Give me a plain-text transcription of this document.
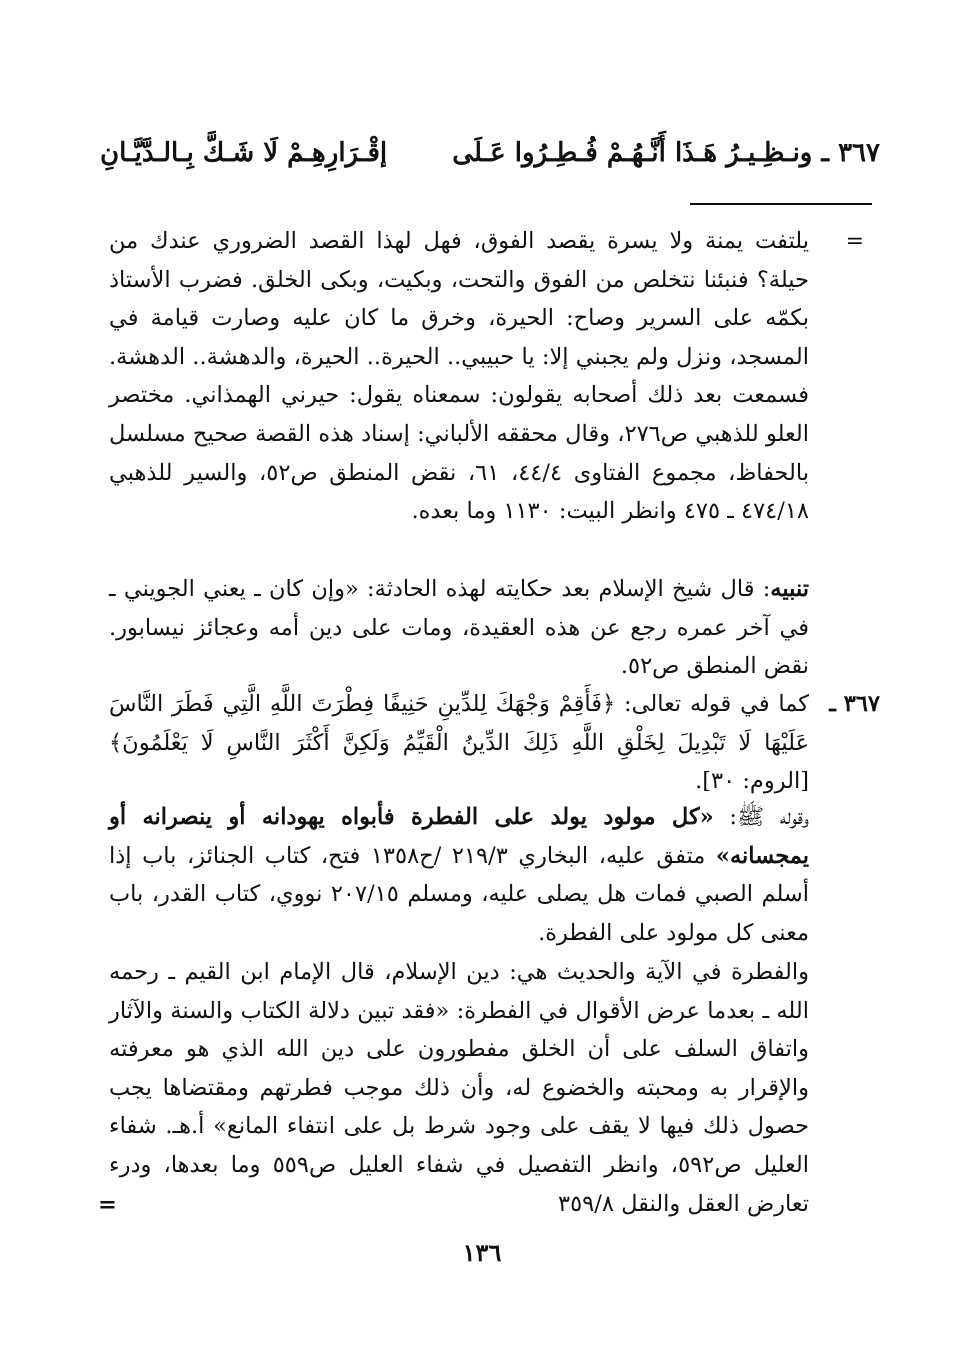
٣٦٧ ـ ونـظِـيـرُ هَـذَا أَنَّـهُـمْ فُـطِـرُوا عَـلَى
إقْـرَارِهِـمْ لَا شَـكَّ بِـالـدَّيَّـانِ
=

يلتفت يمنة ولا يسرة يقصد الفوق، فهل لهذا القصد الضروري عندك من حيلة؟ فنبئنا نتخلص من الفوق والتحت، وبكيت، وبكى الخلق. فضرب الأستاذ بكمّه على السرير وصاح: الحيرة، وخرق ما كان عليه وصارت قيامة في المسجد، ونزل ولم يجبني إلا: يا حبيبي.. الحيرة.. الحيرة، والدهشة.. الدهشة. فسمعت بعد ذلك أصحابه يقولون: سمعناه يقول: حيرني الهمذاني. مختصر العلو للذهبي ص٢٧٦، وقال محققه الألباني: إسناد هذه القصة صحيح مسلسل بالحفاظ، مجموع الفتاوى ٤٤/٤، ٦١، نقض المنطق ص٥٢، والسير للذهبي ٤٧٤/١٨ ـ ٤٧٥ وانظر البيت: ١١٣٠ وما بعده.

تنبيه: قال شيخ الإسلام بعد حكايته لهذه الحادثة: «وإن كان ـ يعني الجويني ـ في آخر عمره رجع عن هذه العقيدة، ومات على دين أمه وعجائز نيسابور. نقض المنطق ص٥٢.

٣٦٧ ـ

كما في قوله تعالى: ﴿فَأَقِمْ وَجْهَكَ لِلدِّينِ حَنِيفًا فِطْرَتَ اللَّهِ الَّتِي فَطَرَ النَّاسَ عَلَيْهَا لَا تَبْدِيلَ لِخَلْقِ اللَّهِ ذَلِكَ الدِّينُ الْقَيِّمُ وَلَكِنَّ أَكْثَرَ النَّاسِ لَا يَعْلَمُونَ﴾ [الروم: ٣٠].

وقوله ﷺ: «كل مولود يولد على الفطرة فأبواه يهودانه أو ينصرانه أو يمجسانه» متفق عليه، البخاري ٢١٩/٣ /ح١٣٥٨ فتح، كتاب الجنائز، باب إذا أسلم الصبي فمات هل يصلى عليه، ومسلم ٢٠٧/١٥ نووي، كتاب القدر، باب معنى كل مولود على الفطرة.

والفطرة في الآية والحديث هي: دين الإسلام، قال الإمام ابن القيم ـ رحمه الله ـ بعدما عرض الأقوال في الفطرة: «فقد تبين دلالة الكتاب والسنة والآثار واتفاق السلف على أن الخلق مفطورون على دين الله الذي هو معرفته والإقرار به ومحبته والخضوع له، وأن ذلك موجب فطرتهم ومقتضاها يجب حصول ذلك فيها لا يقف على وجود شرط بل على انتفاء المانع» أ.هـ. شفاء العليل ص٥٩٢، وانظر التفصيل في شفاء العليل ص٥٥٩ وما بعدها، ودرء تعارض العقل والنقل ٣٥٩/٨

=
١٣٦
